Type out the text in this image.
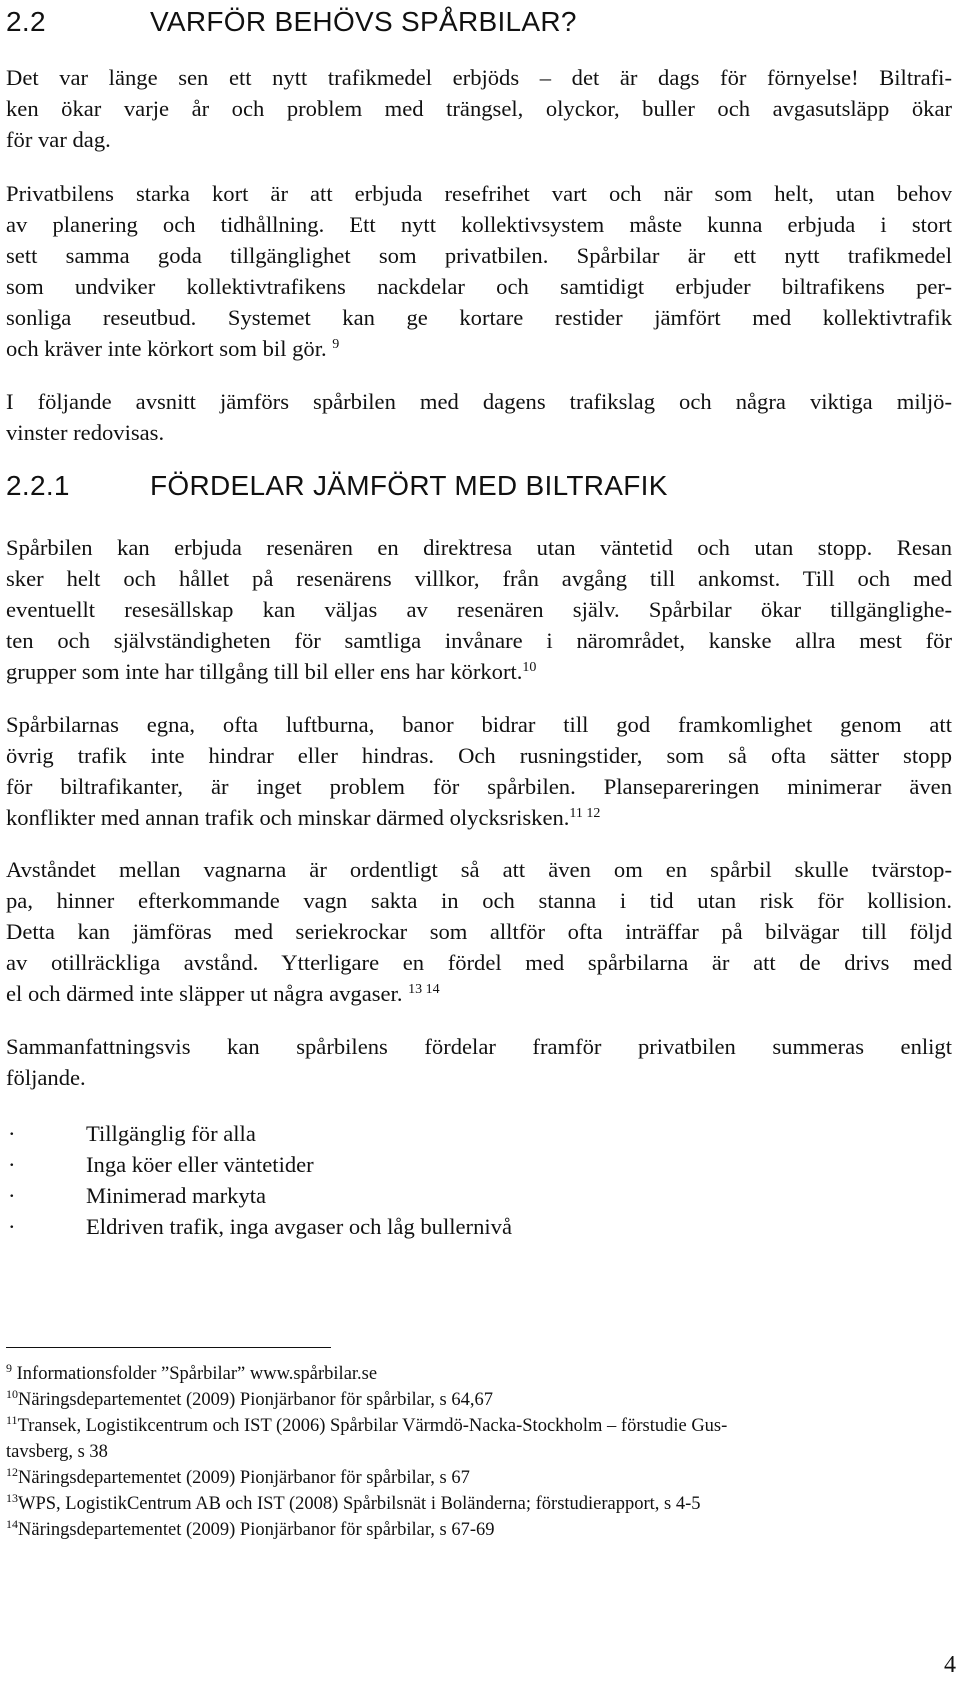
2.2	VARFÖR BEHÖVS SPÅRBILAR?
Det var länge sen ett nytt trafikmedel erbjöds – det är dags för förnyelse! Biltrafi-
ken ökar varje år och problem med trängsel, olyckor, buller och avgasutsläpp ökar
för var dag.
Privatbilens starka kort är att erbjuda resefrihet vart och när som helt, utan behov
av planering och tidhållning. Ett nytt kollektivsystem måste kunna erbjuda i stort
sett samma goda tillgänglighet som privatbilen. Spårbilar är ett nytt trafikmedel
som undviker kollektivtrafikens nackdelar och samtidigt erbjuder biltrafikens per-
sonliga reseutbud. Systemet kan ge kortare restider jämfört med kollektivtrafik
och kräver inte körkort som bil gör. $^9$
I följande avsnitt jämförs spårbilen med dagens trafikslag och några viktiga miljö-
vinster redovisas.
2.2.1	FÖRDELAR JÄMFÖRT MED BILTRAFIK
Spårbilen kan erbjuda resenären en direktresa utan väntetid och utan stopp. Resan
sker helt och hållet på resenärens villkor, från avgång till ankomst. Till och med
eventuellt resesällskap kan väljas av resenären själv. Spårbilar ökar tillgänglighe-
ten och självständigheten för samtliga invånare i närområdet, kanske allra mest för
grupper som inte har tillgång till bil eller ens har körkort.$^{10}$
Spårbilarnas egna, ofta luftburna, banor bidrar till god framkomlighet genom att
övrig trafik inte hindrar eller hindras. Och rusningstider, som så ofta sätter stopp
för biltrafikanter, är inget problem för spårbilen. Plansepareringen minimerar även
konflikter med annan trafik och minskar därmed olycksrisken.$^{11 12}$
Avståndet mellan vagnarna är ordentligt så att även om en spårbil skulle tvärstop-
pa, hinner efterkommande vagn sakta in och stanna i tid utan risk för kollision.
Detta kan jämföras med seriekrockar som alltför ofta inträffar på bilvägar till följd
av otillräckliga avstånd. Ytterligare en fördel med spårbilarna är att de drivs med
el och därmed inte släpper ut några avgaser. $^{13 14}$
Sammanfattningsvis kan spårbilens fördelar framför privatbilen summeras enligt
följande.
·	Tillgänglig för alla
·	Inga köer eller väntetider
·	Minimerad markyta
·	Eldriven trafik, inga avgaser och låg bullernivå
$^9$ Informationsfolder ”Spårbilar” www.spårbilar.se
$^{10}$Näringsdepartementet (2009) Pionjärbanor för spårbilar, s 64,67
$^{11}$Transek, Logistikcentrum och IST (2006) Spårbilar Värmdö-Nacka-Stockholm – förstudie Gus-
tavsberg, s 38
$^{12}$Näringsdepartementet (2009) Pionjärbanor för spårbilar, s 67
$^{13}$WPS, LogistikCentrum AB och IST (2008) Spårbilsnät i Boländerna; förstudierapport, s 4-5
$^{14}$Näringsdepartementet (2009) Pionjärbanor för spårbilar, s 67-69
4
